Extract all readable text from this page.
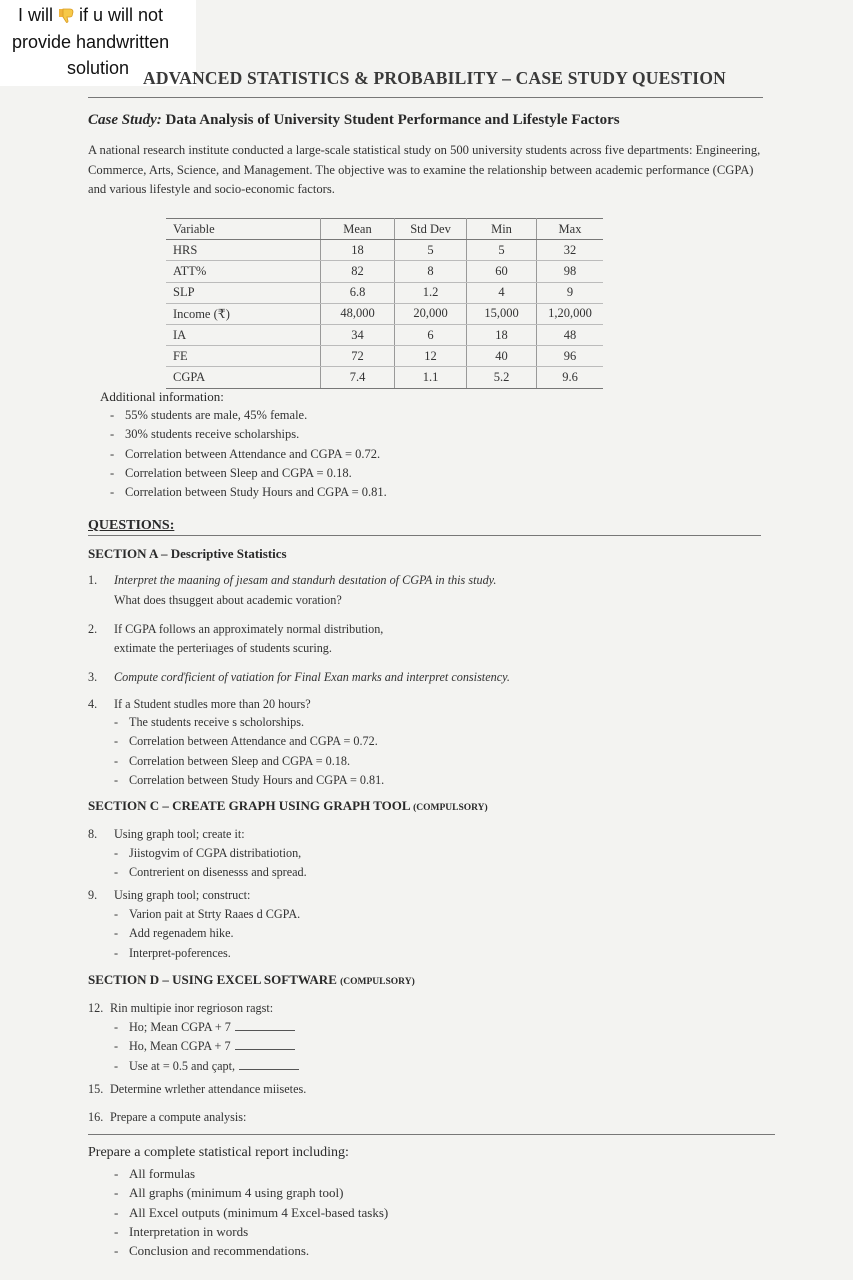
I will if u will not
provide handwritten
solution ADVANCED STATISTICS & PROBABILITY – CASE STUDY QUESTION
Case Study: Data Analysis of University Student Performance and Lifestyle Factors
A national research institute conducted a large-scale statistical study on 500 university students across five departments: Engineering, Commerce, Arts, Science, and Management. The objective was to examine the relationship between academic performance (CGPA) and various lifestyle and socio-economic factors.
Variable	Mean	Std Dev	Min	Max
HRS	18	5	5	32
ATT%	82	8	60	98
SLP	6.8	1.2	4	9
Income (₹)	48,000	20,000	15,000	1,20,000
IA	34	6	18	48
FE	72	12	40	96
CGPA	7.4	1.1	5.2	9.6
Additional information:
- 55% students are male, 45% female.
- 30% students receive scholarships.
- Correlation between Attendance and CGPA = 0.72.
- Correlation between Sleep and CGPA = 0.18.
- Correlation between Study Hours and CGPA = 0.81.
QUESTIONS:
SECTION A – Descriptive Statistics
1. Interpret the maaning of jıesam and standurh desıtation of CGPA in this study.
What does thsuggeıt about academic voration?
2. If CGPA follows an approximately normal distribution,
extimate the perteriıages of students scuring.
3. Compute corďficient of vatiation for Final Exan marks and interpret consistency.
4. If a Student studles more than 20 hours?
- The students receive s scholorships.
- Correlation between Attendance and CGPA = 0.72.
- Correlation between Sleep and CGPA = 0.18.
- Correlation between Study Hours and CGPA = 0.81.
SECTION C – CREATE GRAPH USING GRAPH TOOL (COMPULSORY)
8. Using graph tool; create it:
- Jiistogvim of CGPA distribatiotion,
- Contrerient on disenesss and spread.
9. Using graph tool; construct:
- Varion pait at Strty Raaes d CGPA.
- Add regenadem hike.
- Interpret-poferences.
SECTION D – USING EXCEL SOFTWARE (COMPULSORY)
12. Rin multipie inor regrioson ragst:
- Ho; Mean CGPA + 7
- Ho, Mean CGPA + 7
- Use at = 0.5 and çapt,
15. Determine wrlether attendance miisetes.
16. Prepare a compute analysis:
Prepare a complete statistical report including:
- All formulas
- All graphs (minimum 4 using graph tool)
- All Excel outputs (minimum 4 Excel-based tasks)
- Interpretation in words
- Conclusion and recommendations.
